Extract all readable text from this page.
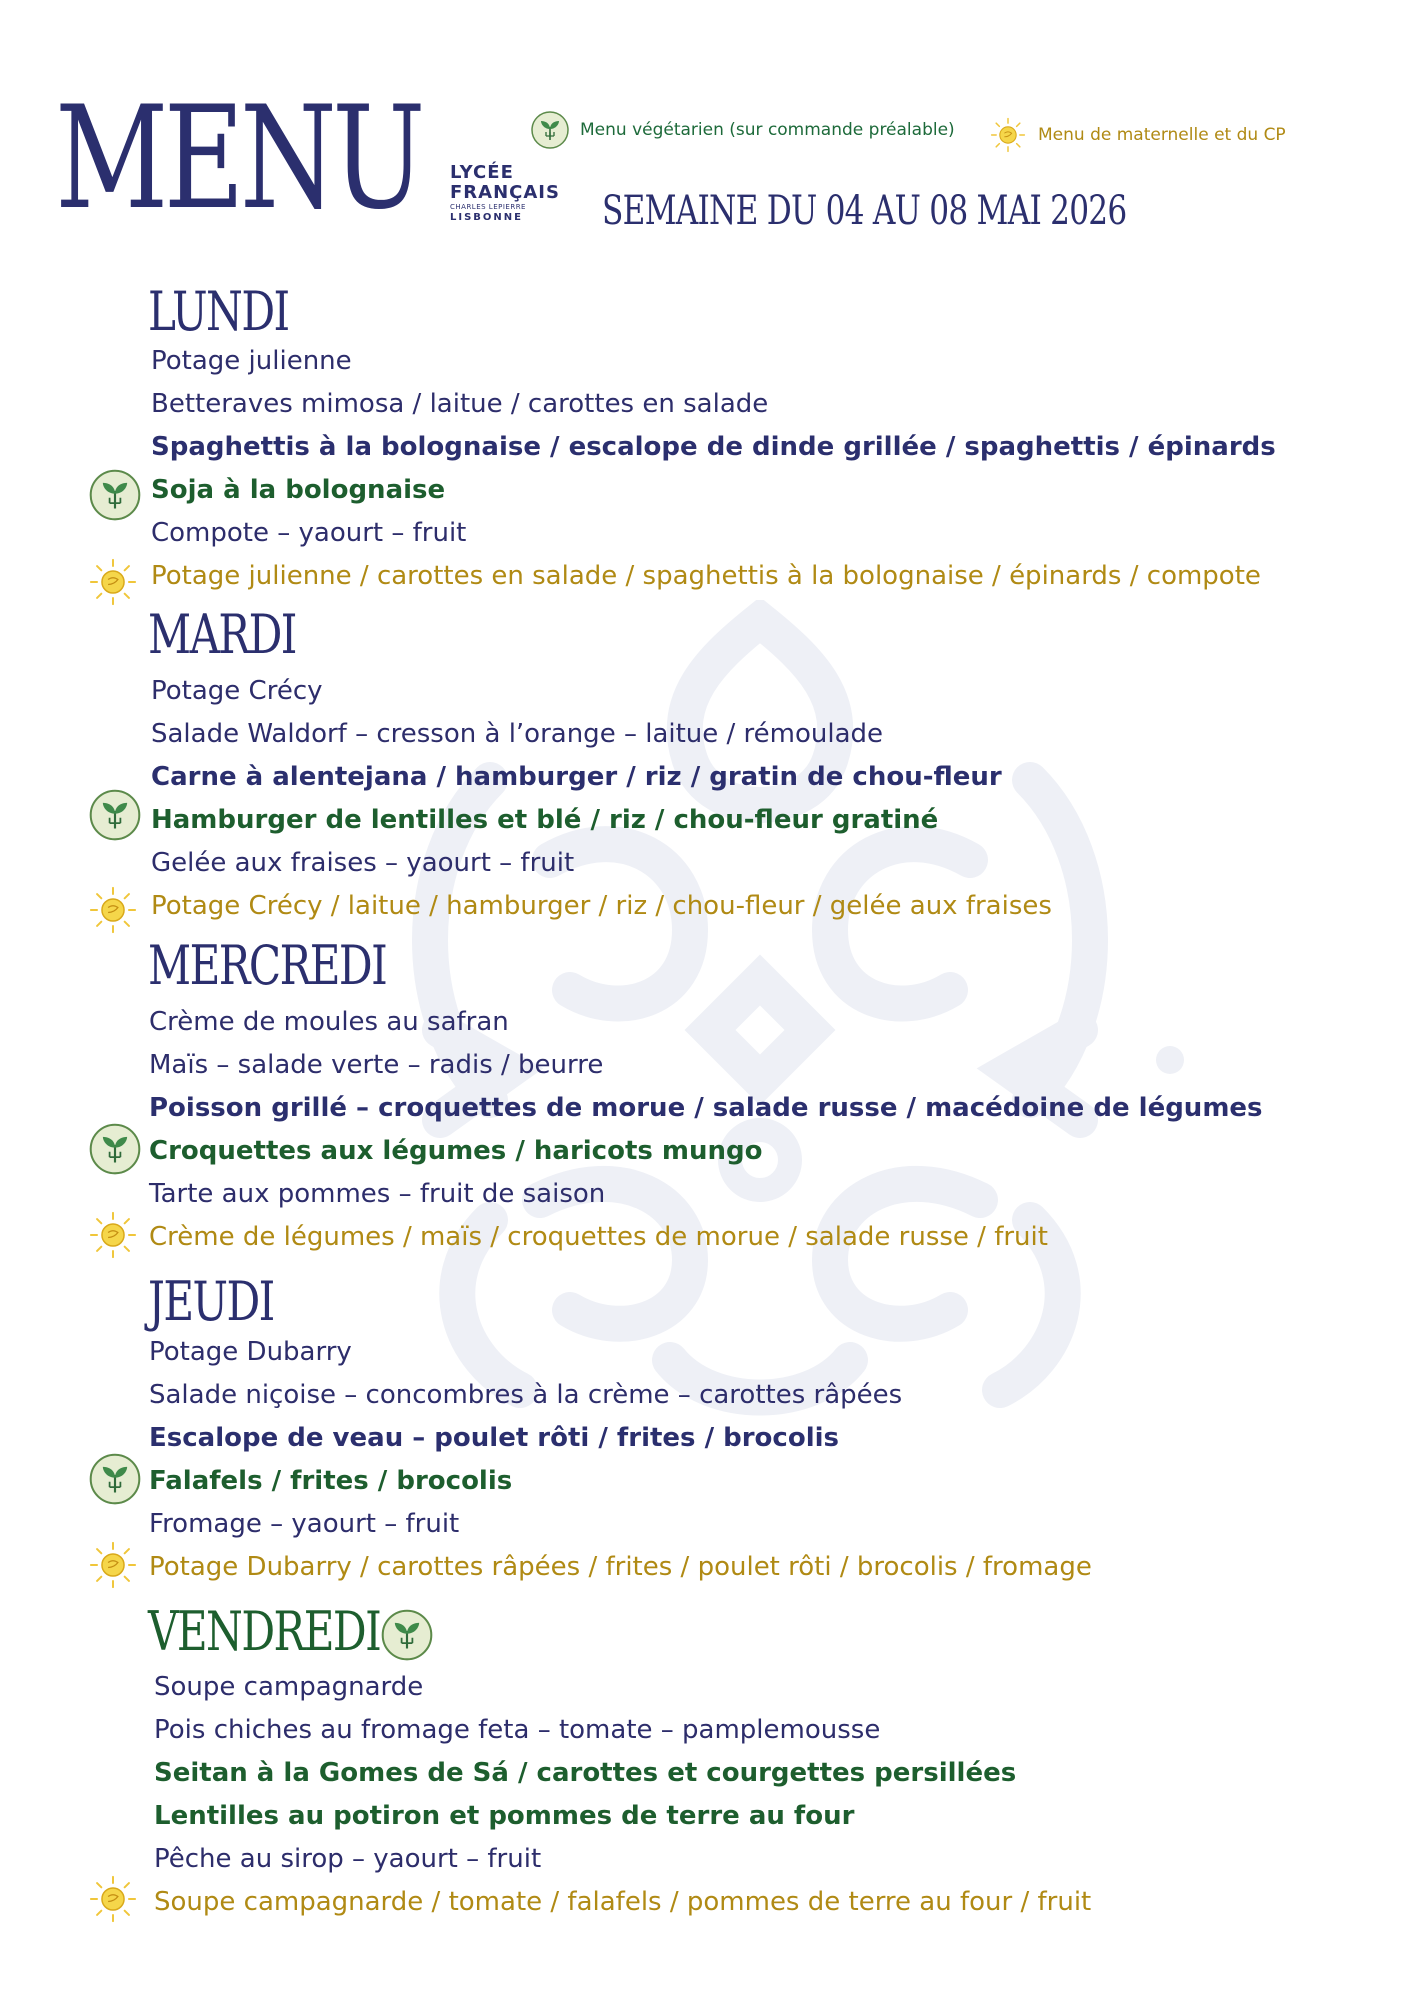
MENU LYCÉE
FRANÇAIS
CHARLES LEPIERRE
LISBONNE
Menu végétarien (sur commande préalable)	Menu de maternelle et du CP
SEMAINE DU 04 AU 08 MAI 2026
LUNDI
Potage julienne
Betteraves mimosa / laitue / carottes en salade
Spaghettis à la bolognaise / escalope de dinde grillée / spaghettis / épinards
Soja à la bolognaise
Compote – yaourt – fruit
Potage julienne / carottes en salade / spaghettis à la bolognaise / épinards / compote
MARDI
Potage Crécy
Salade Waldorf – cresson à l’orange – laitue / rémoulade
Carne à alentejana / hamburger / riz / gratin de chou-fleur
Hamburger de lentilles et blé / riz / chou-fleur gratiné
Gelée aux fraises – yaourt – fruit
Potage Crécy / laitue / hamburger / riz / chou-fleur / gelée aux fraises
MERCREDI
Crème de moules au safran
Maïs – salade verte – radis / beurre
Poisson grillé – croquettes de morue / salade russe / macédoine de légumes
Croquettes aux légumes / haricots mungo
Tarte aux pommes – fruit de saison
Crème de légumes / maïs / croquettes de morue / salade russe / fruit
JEUDI
Potage Dubarry
Salade niçoise – concombres à la crème – carottes râpées
Escalope de veau – poulet rôti / frites / brocolis
Falafels / frites / brocolis
Fromage – yaourt – fruit
Potage Dubarry / carottes râpées / frites / poulet rôti / brocolis / fromage
VENDREDI
Soupe campagnarde
Pois chiches au fromage feta – tomate – pamplemousse
Seitan à la Gomes de Sá / carottes et courgettes persillées
Lentilles au potiron et pommes de terre au four
Pêche au sirop – yaourt – fruit
Soupe campagnarde / tomate / falafels / pommes de terre au four / fruit
